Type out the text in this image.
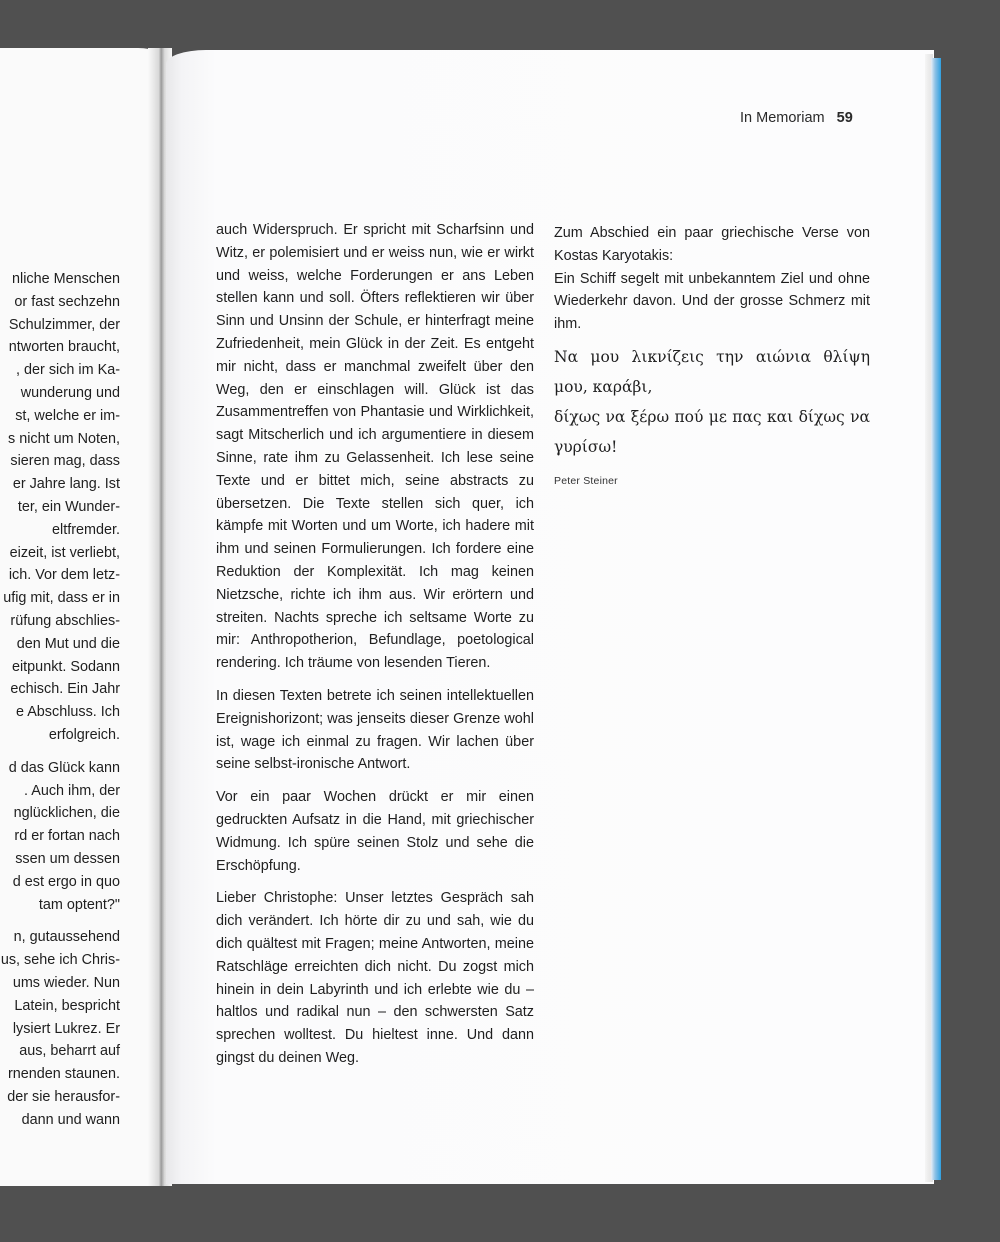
nliche Menschen
or fast sechzehn
Schulzimmer, der
ntworten braucht,
, der sich im Ka-
wunderung und
st, welche er im-
s nicht um Noten,
sieren mag, dass
er Jahre lang. Ist
ter, ein Wunder-
eltfremder.
eizeit, ist verliebt,
ich. Vor dem letz-
ufig mit, dass er in
rüfung abschlies-
den Mut und die
eitpunkt. Sodann
echisch. Ein Jahr
e Abschluss. Ich
erfolgreich.
d das Glück kann
. Auch ihm, der
nglücklichen, die
rd er fortan nach
ssen um dessen
d est ergo in quo
tam optent?"
n, gutaussehend
us, sehe ich Chris-
ums wieder. Nun
Latein, bespricht
lysiert Lukrez. Er
aus, beharrt auf
rnenden staunen.
der sie herausfor-
dann und wann
In Memoriam 59

auch Widerspruch. Er spricht mit Scharfsinn und Witz, er polemisiert und er weiss nun, wie er wirkt und weiss, welche Forderungen er ans Leben stellen kann und soll. Öfters reflektieren wir über Sinn und Unsinn der Schule, er hinterfragt meine Zufriedenheit, mein Glück in der Zeit. Es entgeht mir nicht, dass er manchmal zweifelt über den Weg, den er einschlagen will. Glück ist das Zusammentreffen von Phantasie und Wirklichkeit, sagt Mitscherlich und ich argumentiere in diesem Sinne, rate ihm zu Gelassenheit. Ich lese seine Texte und er bittet mich, seine abstracts zu übersetzen. Die Texte stellen sich quer, ich kämpfe mit Worten und um Worte, ich hadere mit ihm und seinen Formulierungen. Ich fordere eine Reduktion der Komplexität. Ich mag keinen Nietzsche, richte ich ihm aus. Wir erörtern und streiten. Nachts spreche ich seltsame Worte zu mir: Anthropotherion, Befundlage, poetological rendering. Ich träume von lesenden Tieren.

In diesen Texten betrete ich seinen intellektuellen Ereignishorizont; was jenseits dieser Grenze wohl ist, wage ich einmal zu fragen. Wir lachen über seine selbst-ironische Antwort.

Vor ein paar Wochen drückt er mir einen gedruckten Aufsatz in die Hand, mit griechischer Widmung. Ich spüre seinen Stolz und sehe die Erschöpfung.

Lieber Christophe: Unser letztes Gespräch sah dich verändert. Ich hörte dir zu und sah, wie du dich quältest mit Fragen; meine Antworten, meine Ratschläge erreichten dich nicht. Du zogst mich hinein in dein Labyrinth und ich erlebte wie du – haltlos und radikal nun – den schwersten Satz sprechen wolltest. Du hieltest inne. Und dann gingst du deinen Weg.

Zum Abschied ein paar griechische Verse von Kostas Karyotakis:

Ein Schiff segelt mit unbekanntem Ziel und ohne Wiederkehr davon. Und der grosse Schmerz mit ihm.

Να μου λικνίζεις την αιώνια θλίψη μου, καράβι,

δίχως να ξέρω πού με πας και δίχως να γυρίσω!

Peter Steiner
